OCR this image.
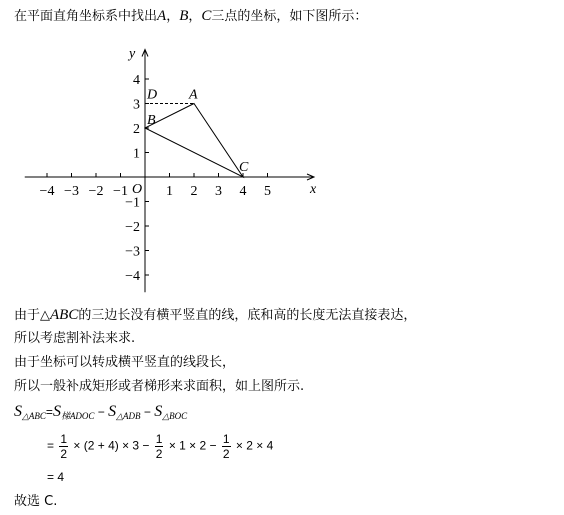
在平面直角坐标系中找出A，B，C三点的坐标，如下图所示：
x
y
−4 −3 −2 −1	1 2 3 4 5
−4
−3
−2
−1
1
2
3
4
O
A
B
C
D
由于△ABC的三边长没有横平竖直的线，底和高的长度无法直接表达，
所以考虑割补法来求.
由于坐标可以转成横平竖直的线段长，
所以一般补成矩形或者梯形来求面积，如上图所示.
$S_{\triangle ABC}=S_{梯ADOC} - S_{\triangle ADB} - S_{\triangle BOC}$
= $\frac{1}{2} \times (2 + 4) \times 3 - \frac{1}{2} \times 1 \times 2 - \frac{1}{2} \times 2 \times 4$
= 4
故选 C.
